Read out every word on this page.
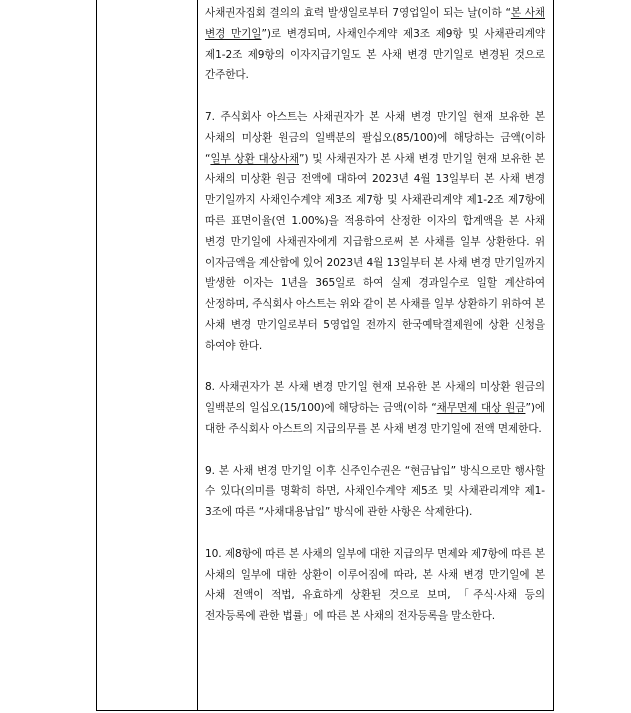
사채권자집회 결의의 효력 발생일로부터 7영업일이 되는 날(이하 “본 사채 변경 만기일”)로 변경되며, 사채인수계약 제3조 제9항 및 사채관리계약 제1-2조 제9항의 이자지급기일도 본 사채 변경 만기일로 변경된 것으로 간주한다.

7. 주식회사 아스트는 사채권자가 본 사채 변경 만기일 현재 보유한 본 사채의 미상환 원금의 일백분의 팔십오(85/100)에 해당하는 금액(이하 “일부 상환 대상사채”) 및 사채권자가 본 사채 변경 만기일 현재 보유한 본 사채의 미상환 원금 전액에 대하여 2023년 4월 13일부터 본 사채 변경 만기일까지 사채인수계약 제3조 제7항 및 사채관리계약 제1-2조 제7항에 따른 표면이율(연 1.00%)을 적용하여 산정한 이자의 합계액을 본 사채 변경 만기일에 사채권자에게 지급함으로써 본 사채를 일부 상환한다. 위 이자금액을 계산함에 있어 2023년 4월 13일부터 본 사채 변경 만기일까지 발생한 이자는 1년을 365일로 하여 실제 경과일수로 일할 계산하여 산정하며, 주식회사 아스트는 위와 같이 본 사채를 일부 상환하기 위하여 본 사채 변경 만기일로부터 5영업일 전까지 한국예탁결제원에 상환 신청을 하여야 한다.

8. 사채권자가 본 사채 변경 만기일 현재 보유한 본 사채의 미상환 원금의 일백분의 일십오(15/100)에 해당하는 금액(이하 “채무면제 대상 원금”)에 대한 주식회사 아스트의 지급의무를 본 사채 변경 만기일에 전액 면제한다.

9. 본 사채 변경 만기일 이후 신주인수권은 “현금납입” 방식으로만 행사할 수 있다(의미를 명확히 하면, 사채인수계약 제5조 및 사채관리계약 제1-3조에 따른 “사채대용납입” 방식에 관한 사항은 삭제한다).

10. 제8항에 따른 본 사채의 일부에 대한 지급의무 면제와 제7항에 따른 본 사채의 일부에 대한 상환이 이루어짐에 따라, 본 사채 변경 만기일에 본 사채 전액이 적법, 유효하게 상환된 것으로 보며, 「주식·사채 등의 전자등록에 관한 법률」에 따른 본 사채의 전자등록을 말소한다.
